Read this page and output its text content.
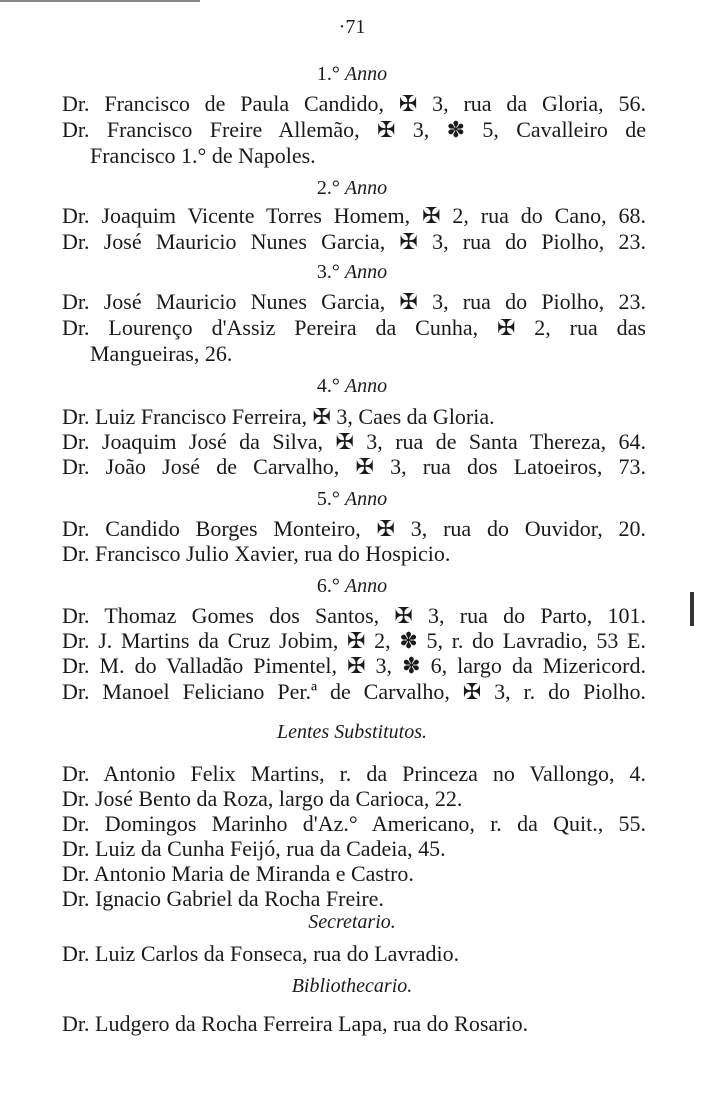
·71
1.° Anno
Dr. Francisco de Paula Candido, ✠ 3, rua da Gloria, 56.
Dr. Francisco Freire Allemão, ✠ 3, ✽ 5, Cavalleiro de
Francisco 1.° de Napoles.
2.° Anno
Dr. Joaquim Vicente Torres Homem, ✠ 2, rua do Cano, 68.
Dr. José Mauricio Nunes Garcia, ✠ 3, rua do Piolho, 23.
3.° Anno
Dr. José Mauricio Nunes Garcia, ✠ 3, rua do Piolho, 23.
Dr. Lourenço d'Assiz Pereira da Cunha, ✠ 2, rua das
Mangueiras, 26.
4.° Anno
Dr. Luiz Francisco Ferreira, ✠ 3, Caes da Gloria.
Dr. Joaquim José da Silva, ✠ 3, rua de Santa Thereza, 64.
Dr. João José de Carvalho, ✠ 3, rua dos Latoeiros, 73.
5.° Anno
Dr. Candido Borges Monteiro, ✠ 3, rua do Ouvidor, 20.
Dr. Francisco Julio Xavier, rua do Hospicio.
6.° Anno
Dr. Thomaz Gomes dos Santos, ✠ 3, rua do Parto, 101.
Dr. J. Martins da Cruz Jobim, ✠ 2, ✽ 5, r. do Lavradio, 53 E.
Dr. M. do Valladão Pimentel, ✠ 3, ✽ 6, largo da Mizericord.
Dr. Manoel Feliciano Per.ª de Carvalho, ✠ 3, r. do Piolho.
Lentes Substitutos.
Dr. Antonio Felix Martins, r. da Princeza no Vallongo, 4.
Dr. José Bento da Roza, largo da Carioca, 22.
Dr. Domingos Marinho d'Az.° Americano, r. da Quit., 55.
Dr. Luiz da Cunha Feijó, rua da Cadeia, 45.
Dr. Antonio Maria de Miranda e Castro.
Dr. Ignacio Gabriel da Rocha Freire.
Secretario.
Dr. Luiz Carlos da Fonseca, rua do Lavradio.
Bibliothecario.
Dr. Ludgero da Rocha Ferreira Lapa, rua do Rosario.
